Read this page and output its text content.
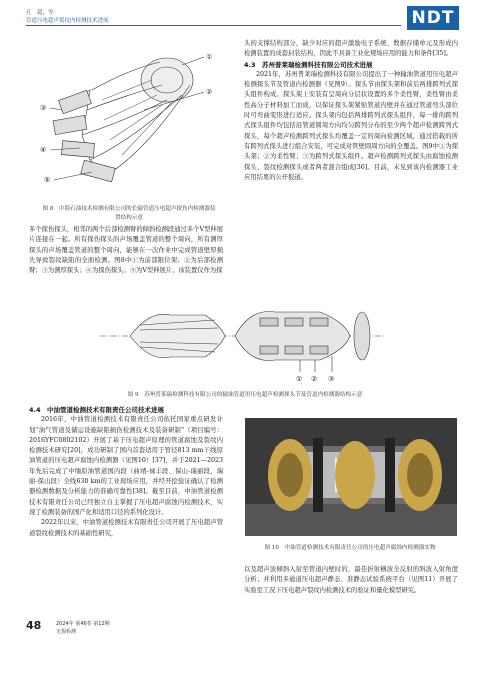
孔　超，等：
管道压电超声裂纹内检测技术进展	NDT
①
②
③
④
⑤
图 8　中海石油技术检测有限公司的长输管道压电超声探伤内检测器装置结构示意

多个探伤探头，相邻的两个后部检测臂的倾斜检测段通过多个V型伸展片连接在一起。所有探伤探头的声场覆盖管道的整个周向，所有测厚探头的声场覆盖管道的整个周向，能够在一次作业中完成管道壁厚损失导致裂纹缺陷的全面检测。图8中①为前部限位架；②为后部检测臂；③为测厚探头；④为探伤探头；⑤为V型伸展片。该装置仅作为探

头的支撑结构部分，缺少对应的超声激励电子系统、数据存储单元及形成内检测装置的成套封装结构，因此不具备工业化规场应用的能力和条件[35]。

4.3　苏州普莱瑞检测科技有限公司技术进展

2021年，苏州普莱瑞检测科技有限公司提出了一种输油管道用压电超声检测探头节及管道内检测器（见图9）。探头节由探头架和前后两排跨列式探头组件构成。探头架上安装有呈周向分层状设置的多个柔性臂，柔性臂由柔性高分子材料加工而成，以保证探头架紧贴管道内壁并在通过管道弯头部位时可弯曲变形进行适应。探头架内包括两排跨列式探头组件，每一排的跨列式探头组件均包括沿管道圆周方向均匀跨列分布的至少两个超声检测跨列式探头，每个超声检测跨列式探头均覆盖一定的周向检测区域，通过搭载的所有跨列式探头进行组合安装，可完成对管壁圆周方向的全覆盖。图9中①为探头架；②为柔性臂；③为跨列式探头组件。超声检测跨列式探头由腐蚀检测探头、裂纹检测探头或者两者混合组成[36]。目前，未见到该内检测器工业应用结果的公开报道。

① ② ③
图 9　苏州普莱瑞检测科技有限公司的输油管道用压电超声检测探头节及管道内检测器结构示意

4.4　中油管道检测技术有限责任公司技术进展

2016年，中油管道检测技术有限责任公司依托国家重点研发计划“油气管道及储运设施缺陷损伤检测技术及装备研制”（项目编号：2016YFC0802102）开展了基于压电超声原理的管道腐蚀及裂纹内检测技术研究[20]，成功研制了国内首套适用于管径813 mm干线原油管道的压电超声腐蚀内检测器（见图10）[37]，并于2021—2023年先后完成了中缅原油管道国内段（曲靖-禄丰段、保山-瑞丽段、瑞丽-保山段）全线630 km的工业现场应用，并经开挖验证确认了检测器检测数据及分析能力的准确可靠性[38]。截至目前，中油管道检测技术有限责任公司已经独立自主掌握了压电超声腐蚀内检测技术，实现了检测装备的国产化和适用口径的系列化设计。

2022年以来，中油管道检测技术有限责任公司开展了压电超声管道裂纹检测技术的基础性研究，

图 10　中油管道检测技术有限责任公司的压电超声腐蚀内检测器实物

以及超声波倾斜入射至管道内壁时的，最佳折射横波全反射的斜波入射角度分析；并利用多通道压电超声静态、准静态试验系统平台（见图11）开展了实验室工况下压电超声裂纹内检测技术的验证和量化模型研究。

48	2024年 第46卷 第12期
无损检测
